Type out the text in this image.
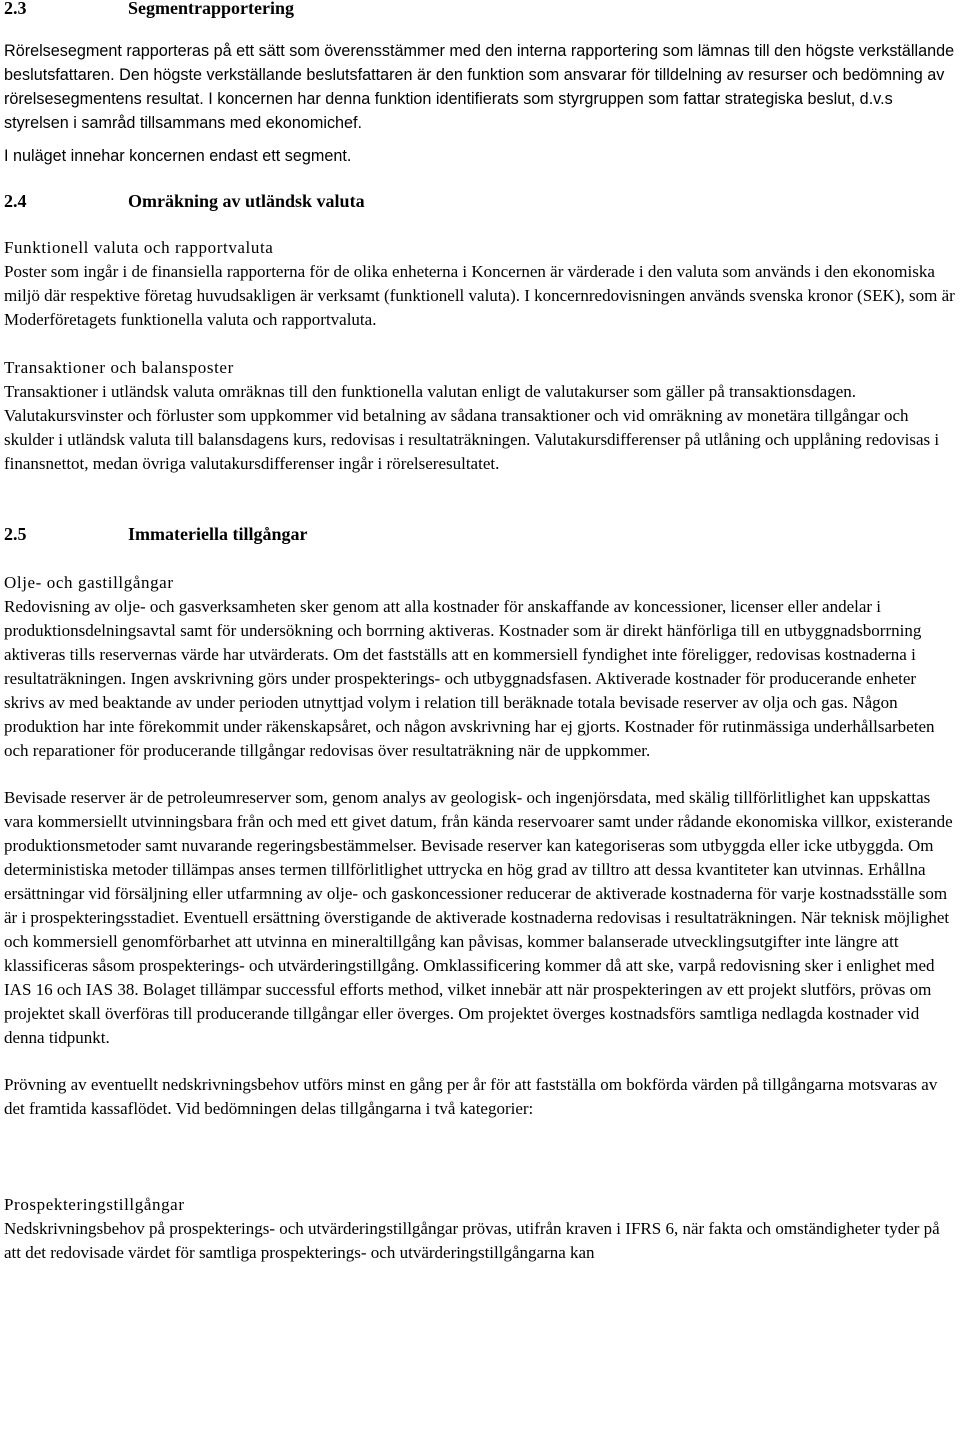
2.3	Segmentrapportering

Rörelsesegment rapporteras på ett sätt som överensstämmer med den interna rapportering som lämnas till den högste verkställande beslutsfattaren. Den högste verkställande beslutsfattaren är den funktion som ansvarar för tilldelning av resurser och bedömning av rörelsesegmentens resultat. I koncernen har denna funktion identifierats som styrgruppen som fattar strategiska beslut, d.v.s styrelsen i samråd tillsammans med ekonomichef.

I nuläget innehar koncernen endast ett segment.

2.4	Omräkning av utländsk valuta

Funktionell valuta och rapportvaluta

Poster som ingår i de finansiella rapporterna för de olika enheterna i Koncernen är värderade i den valuta som används i den ekonomiska miljö där respektive företag huvudsakligen är verksamt (funktionell valuta). I koncernredovisningen används svenska kronor (SEK), som är Moderföretagets funktionella valuta och rapportvaluta.

Transaktioner och balansposter

Transaktioner i utländsk valuta omräknas till den funktionella valutan enligt de valutakurser som gäller på transaktionsdagen. Valutakursvinster och förluster som uppkommer vid betalning av sådana transaktioner och vid omräkning av monetära tillgångar och skulder i utländsk valuta till balansdagens kurs, redovisas i resultaträkningen. Valutakursdifferenser på utlåning och upplåning redovisas i finansnettot, medan övriga valutakursdifferenser ingår i rörelseresultatet.

2.5	Immateriella tillgångar

Olje- och gastillgångar

Redovisning av olje- och gasverksamheten sker genom att alla kostnader för anskaffande av koncessioner, licenser eller andelar i produktionsdelningsavtal samt för undersökning och borrning aktiveras. Kostnader som är direkt hänförliga till en utbyggnadsborrning aktiveras tills reservernas värde har utvärderats. Om det fastställs att en kommersiell fyndighet inte föreligger, redovisas kostnaderna i resultaträkningen. Ingen avskrivning görs under prospekterings- och utbyggnadsfasen. Aktiverade kostnader för producerande enheter skrivs av med beaktande av under perioden utnyttjad volym i relation till beräknade totala bevisade reserver av olja och gas. Någon produktion har inte förekommit under räkenskapsåret, och någon avskrivning har ej gjorts. Kostnader för rutinmässiga underhållsarbeten och reparationer för producerande tillgångar redovisas över resultaträkning när de uppkommer.

Bevisade reserver är de petroleumreserver som, genom analys av geologisk- och ingenjörsdata, med skälig tillförlitlighet kan uppskattas vara kommersiellt utvinningsbara från och med ett givet datum, från kända reservoarer samt under rådande ekonomiska villkor, existerande produktionsmetoder samt nuvarande regeringsbestämmelser. Bevisade reserver kan kategoriseras som utbyggda eller icke utbyggda. Om deterministiska metoder tillämpas anses termen tillförlitlighet uttrycka en hög grad av tilltro att dessa kvantiteter kan utvinnas. Erhållna ersättningar vid försäljning eller utfarmning av olje- och gaskoncessioner reducerar de aktiverade kostnaderna för varje kostnadsställe som är i prospekteringsstadiet. Eventuell ersättning överstigande de aktiverade kostnaderna redovisas i resultaträkningen. När teknisk möjlighet och kommersiell genomförbarhet att utvinna en mineraltillgång kan påvisas, kommer balanserade utvecklingsutgifter inte längre att klassificeras såsom prospekterings- och utvärderingstillgång. Omklassificering kommer då att ske, varpå redovisning sker i enlighet med IAS 16 och IAS 38. Bolaget tillämpar successful efforts method, vilket innebär att när prospekteringen av ett projekt slutförs, prövas om projektet skall överföras till producerande tillgångar eller överges. Om projektet överges kostnadsförs samtliga nedlagda kostnader vid denna tidpunkt.

Prövning av eventuellt nedskrivningsbehov utförs minst en gång per år för att fastställa om bokförda värden på tillgångarna motsvaras av det framtida kassaflödet. Vid bedömningen delas tillgångarna i två kategorier:

Prospekteringstillgångar

Nedskrivningsbehov på prospekterings- och utvärderingstillgångar prövas, utifrån kraven i IFRS 6, när fakta och omständigheter tyder på att det redovisade värdet för samtliga prospekterings- och utvärderingstillgångarna kan
